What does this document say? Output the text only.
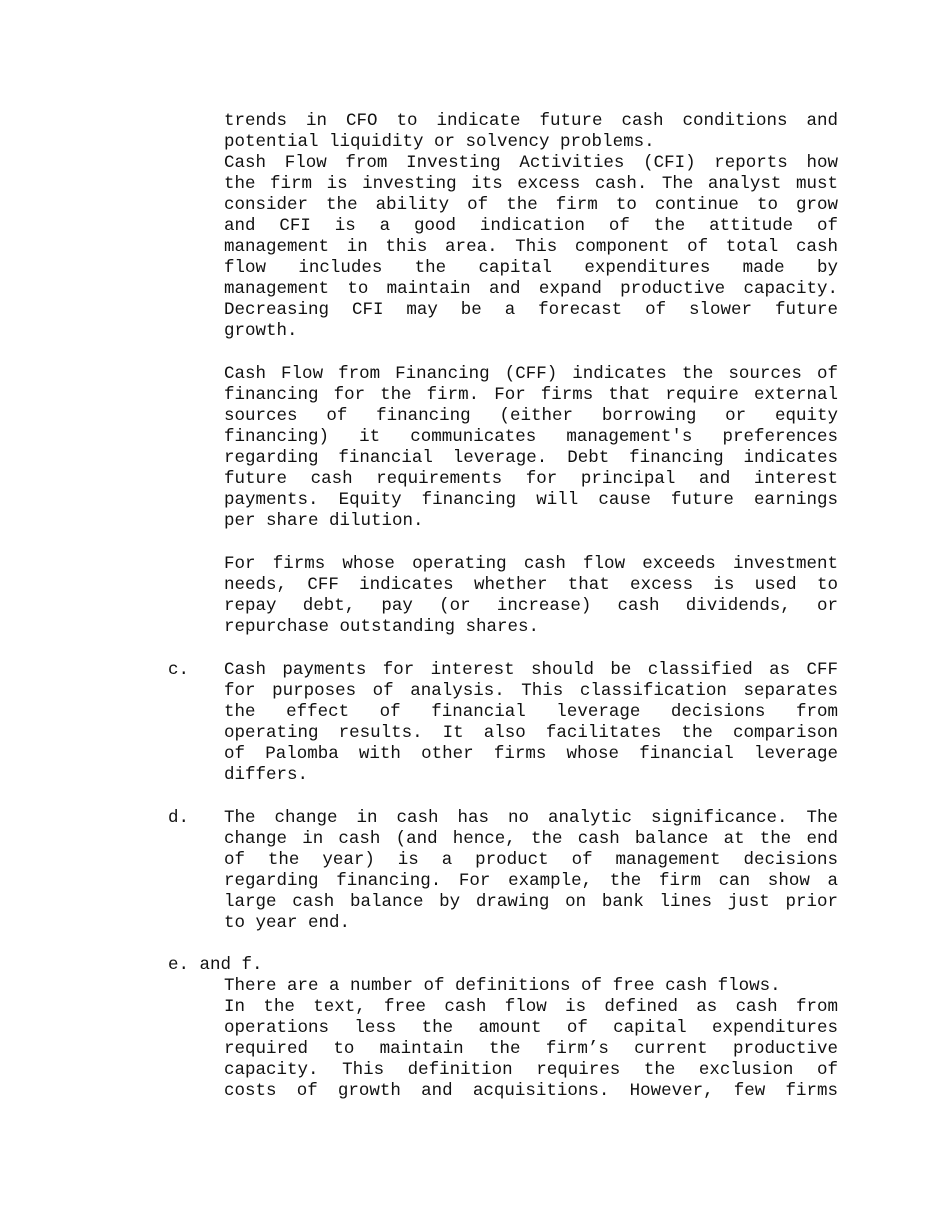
trends in CFO to indicate future cash conditions and
potential liquidity or solvency problems.
Cash Flow from Investing Activities (CFI) reports how
the firm is investing its excess cash. The analyst must
consider the ability of the firm to continue to grow
and CFI is a good indication of the attitude of
management in this area. This component of total cash
flow includes the capital expenditures made by
management to maintain and expand productive capacity.
Decreasing CFI may be a forecast of slower future
growth.
Cash Flow from Financing (CFF) indicates the sources of
financing for the firm. For firms that require external
sources of financing (either borrowing or equity
financing) it communicates management's preferences
regarding financial leverage. Debt financing indicates
future cash requirements for principal and interest
payments. Equity financing will cause future earnings
per share dilution.
For firms whose operating cash flow exceeds investment
needs, CFF indicates whether that excess is used to
repay debt, pay (or increase) cash dividends, or
repurchase outstanding shares.
c. Cash payments for interest should be classified as CFF
for purposes of analysis. This classification separates
the effect of financial leverage decisions from
operating results. It also facilitates the comparison
of Palomba with other firms whose financial leverage
differs.
d. The change in cash has no analytic significance. The
change in cash (and hence, the cash balance at the end
of the year) is a product of management decisions
regarding financing. For example, the firm can show a
large cash balance by drawing on bank lines just prior
to year end.
e. and f.
There are a number of definitions of free cash flows.
In the text, free cash flow is defined as cash from
operations less the amount of capital expenditures
required to maintain the firm’s current productive
capacity. This definition requires the exclusion of
costs of growth and acquisitions. However, few firms
